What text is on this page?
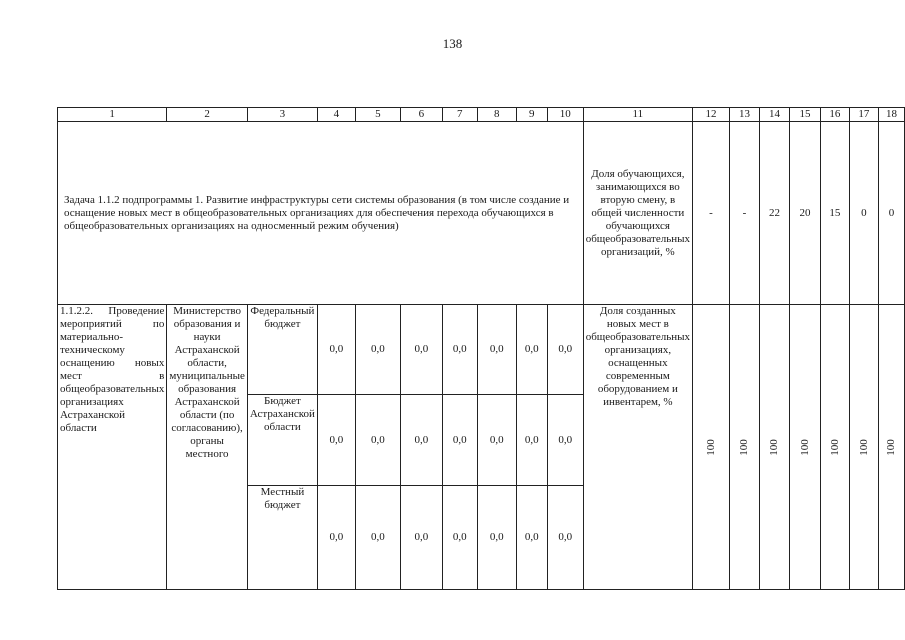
138
1	2	3	4	5	6	7	8	9	10	11	12	13	14	15	16	17	18
Задача 1.1.2 подпрограммы 1. Развитие инфраструктуры сети системы образования (в том числе создание и оснащение новых мест в общеобразовательных организациях для обеспечения перехода обучающихся в общеобразовательных организациях на односменный режим обучения)										Доля обучающихся, занимающихся во вторую смену, в общей численности обучающихся общеобразовательных организаций, %	-	-	22	20	15	0	0
1.1.2.2. Проведение мероприятий по материально-техническому оснащению новых мест в общеобразовательных организациях Астраханской области	Министерство образования и науки Астраханской области, муниципальные образования Астраханской области (по согласованию), органы местного	Федеральный бюджет	0,0	0,0	0,0	0,0	0,0	0,0	0,0	Доля созданных новых мест в общеобразовательных организациях, оснащенных современным оборудованием и инвентарем, %	100	100	100	100	100	100	100
		Бюджет Астраханской области	0,0	0,0	0,0	0,0	0,0	0,0	0,0								
		Местный бюджет	0,0	0,0	0,0	0,0	0,0	0,0	0,0								
